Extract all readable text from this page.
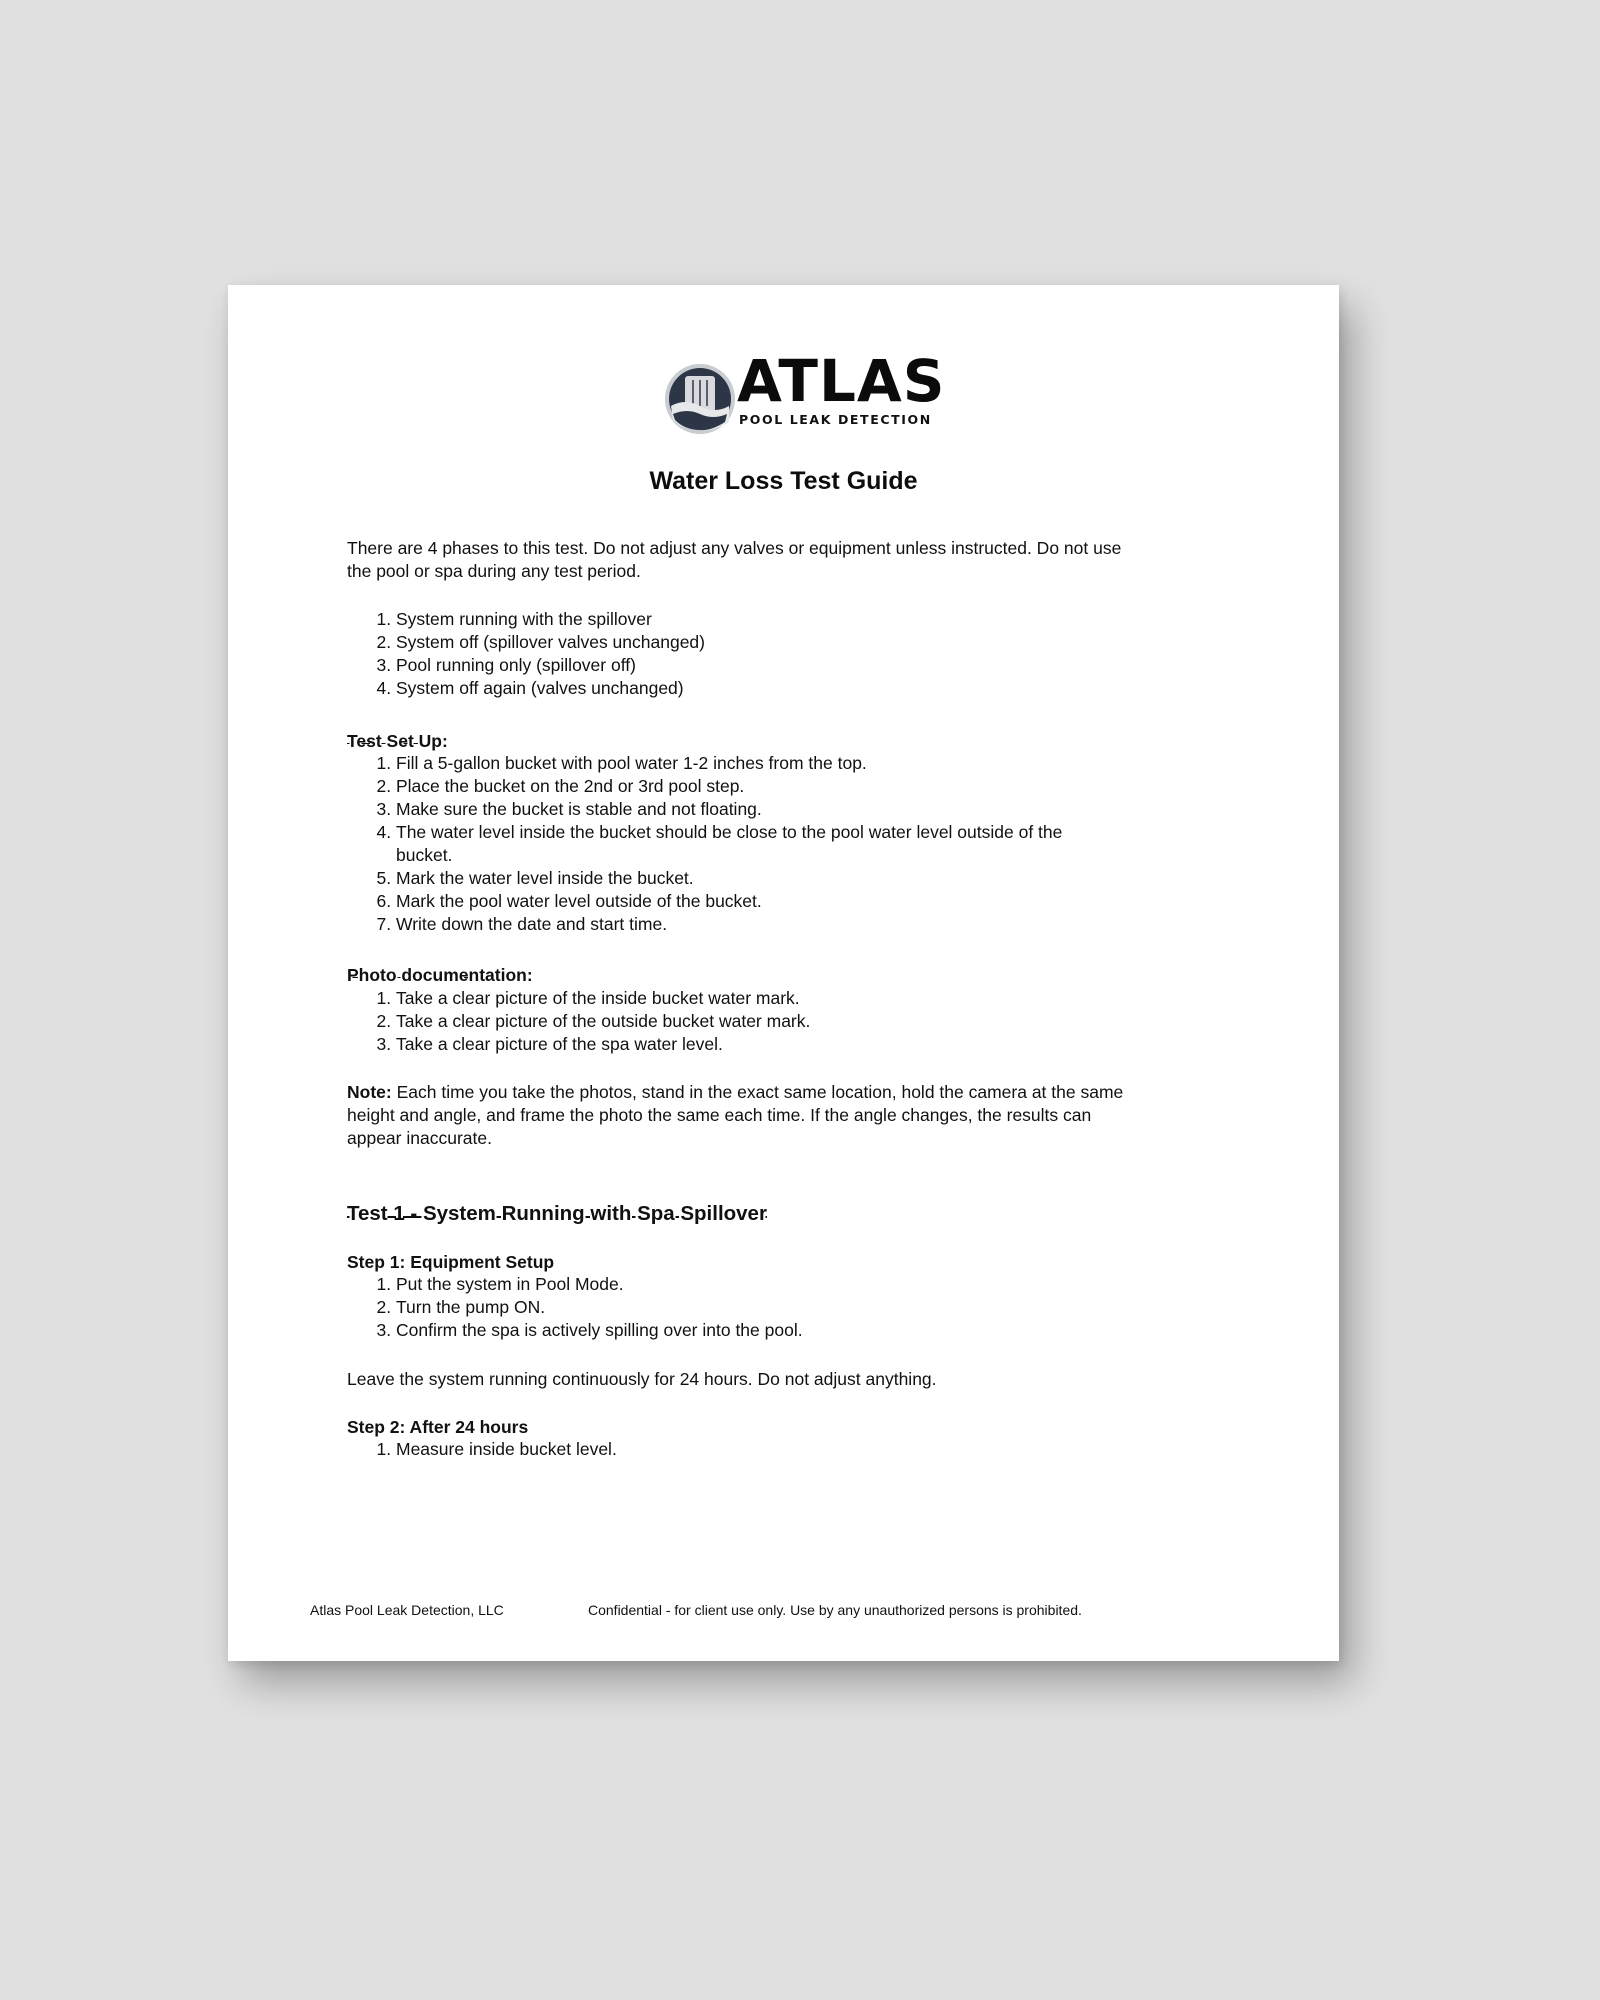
ATLAS
POOL LEAK DETECTION
Water Loss Test Guide

There are 4 phases to this test. Do not adjust any valves or equipment unless instructed. Do not use the pool or spa during any test period.

1. System running with the spillover
2. System off (spillover valves unchanged)
3. Pool running only (spillover off)
4. System off again (valves unchanged)
Test Set Up:
1. Fill a 5-gallon bucket with pool water 1-2 inches from the top.
2. Place the bucket on the 2nd or 3rd pool step.
3. Make sure the bucket is stable and not floating.
4. The water level inside the bucket should be close to the pool water level outside of the bucket.
5. Mark the water level inside the bucket.
6. Mark the pool water level outside of the bucket.
7. Write down the date and start time.
Photo documentation:
1. Take a clear picture of the inside bucket water mark.
2. Take a clear picture of the outside bucket water mark.
3. Take a clear picture of the spa water level.

Note: Each time you take the photos, stand in the exact same location, hold the camera at the same height and angle, and frame the photo the same each time. If the angle changes, the results can appear inaccurate.

Test 1 - System Running with Spa Spillover
Step 1: Equipment Setup
1. Put the system in Pool Mode.
2. Turn the pump ON.
3. Confirm the spa is actively spilling over into the pool.

Leave the system running continuously for 24 hours. Do not adjust anything.

Step 2: After 24 hours
1. Measure inside bucket level.
Atlas Pool Leak Detection, LLC	Confidential - for client use only. Use by any unauthorized persons is prohibited.
